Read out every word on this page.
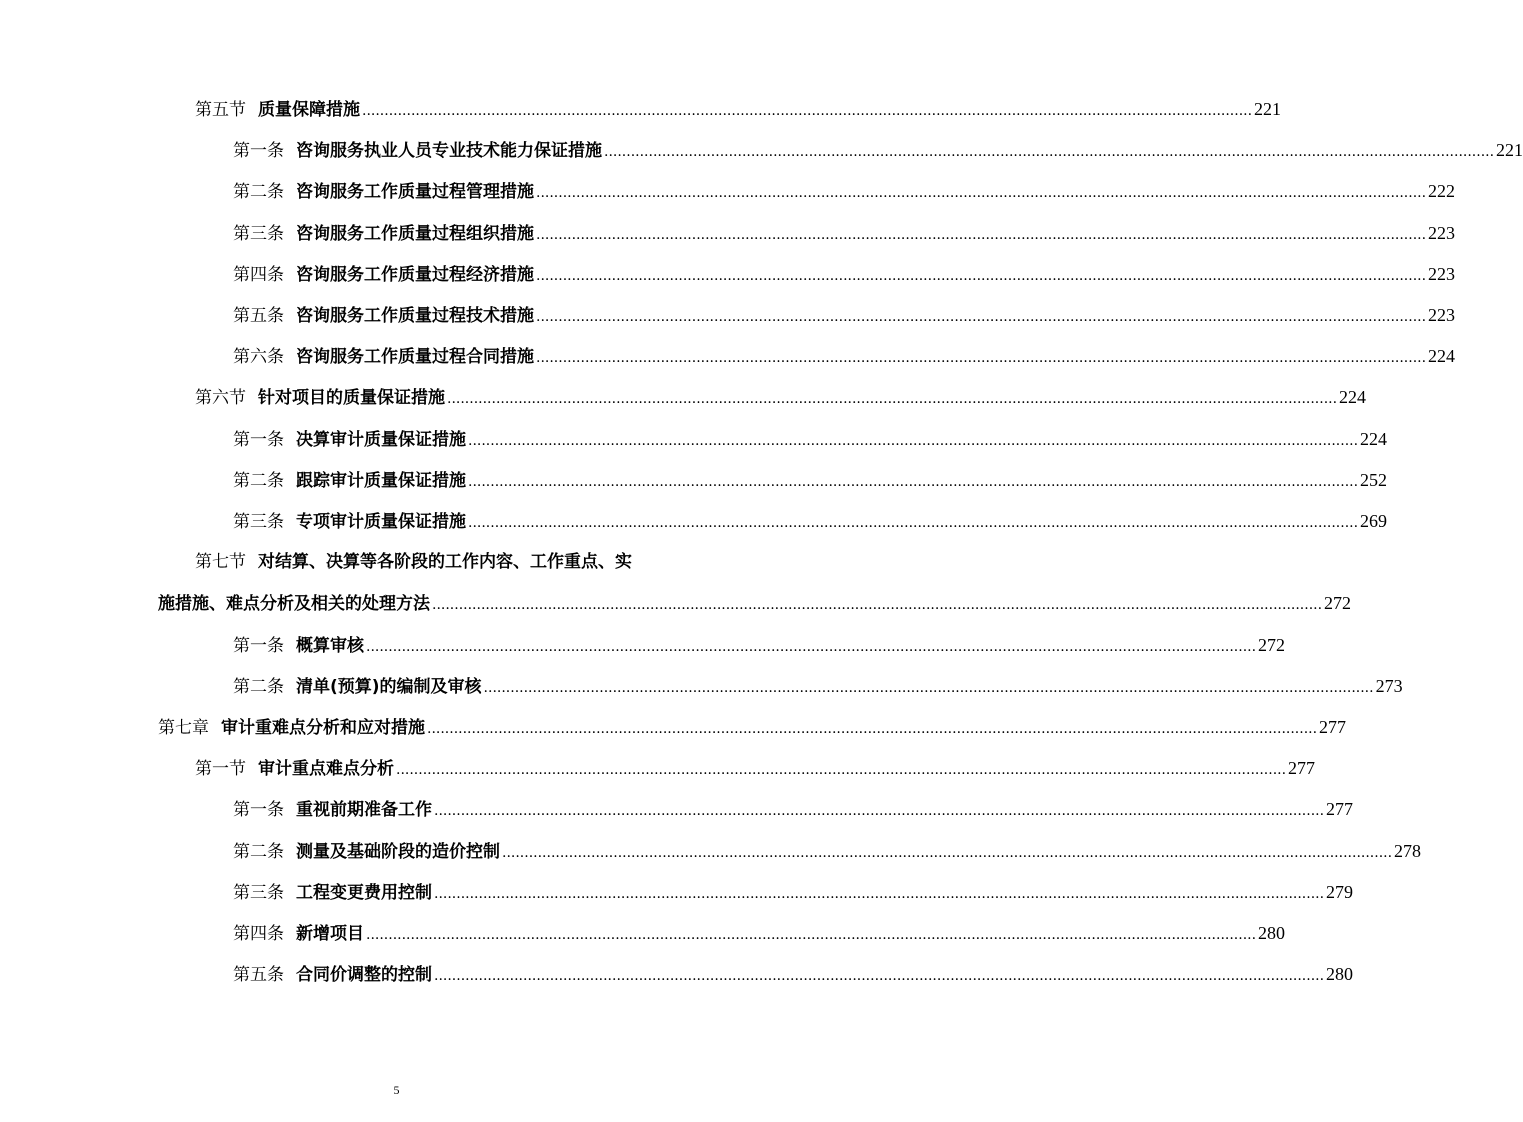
第五节 质量保障措施 ........................................................................................................................................................................................................ 221
第一条 咨询服务执业人员专业技术能力保证措施 ........................................................................................................................................................................................................ 221
第二条 咨询服务工作质量过程管理措施 ........................................................................................................................................................................................................ 222
第三条 咨询服务工作质量过程组织措施 ........................................................................................................................................................................................................ 223
第四条 咨询服务工作质量过程经济措施 ........................................................................................................................................................................................................ 223
第五条 咨询服务工作质量过程技术措施 ........................................................................................................................................................................................................ 223
第六条 咨询服务工作质量过程合同措施 ........................................................................................................................................................................................................ 224
第六节 针对项目的质量保证措施 ........................................................................................................................................................................................................ 224
第一条 决算审计质量保证措施 ........................................................................................................................................................................................................ 224
第二条 跟踪审计质量保证措施 ........................................................................................................................................................................................................ 252
第三条 专项审计质量保证措施 ........................................................................................................................................................................................................ 269
第七节 对结算、决算等各阶段的工作内容、工作重点、实
施措施、难点分析及相关的处理方法 ........................................................................................................................................................................................................ 272
第一条 概算审核 ........................................................................................................................................................................................................ 272
第二条 清单(预算)的编制及审核 ........................................................................................................................................................................................................ 273
第七章 审计重难点分析和应对措施 ........................................................................................................................................................................................................ 277
第一节 审计重点难点分析 ........................................................................................................................................................................................................ 277
第一条 重视前期准备工作 ........................................................................................................................................................................................................ 277
第二条 测量及基础阶段的造价控制 ........................................................................................................................................................................................................ 278
第三条 工程变更费用控制 ........................................................................................................................................................................................................ 279
第四条 新增项目 ........................................................................................................................................................................................................ 280
第五条 合同价调整的控制 ........................................................................................................................................................................................................ 280
5
